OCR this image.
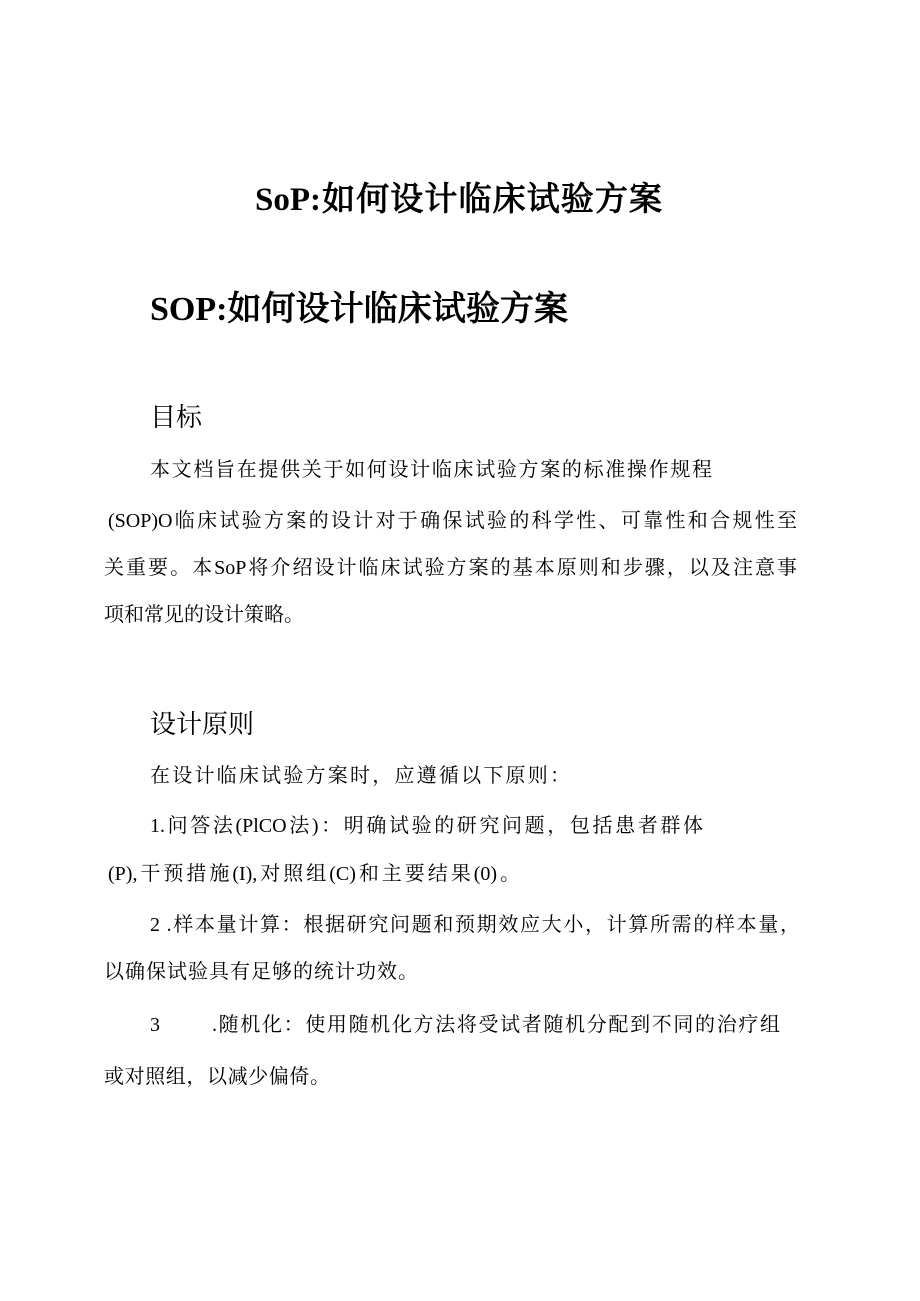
SoP:如何设计临床试验方案
SOP:如何设计临床试验方案
目标
本文档旨在提供关于如何设计临床试验方案的标准操作规程
(SOP)O临床试验方案的设计对于确保试验的科学性、可靠性和合规性至
关重要。本SoP将介绍设计临床试验方案的基本原则和步骤，以及注意事
项和常见的设计策略。
设计原则
在设计临床试验方案时，应遵循以下原则：
1.问答法(PlCO法)：明确试验的研究问题，包括患者群体
(P),干预措施(I),对照组(C)和主要结果(0)。
2 .样本量计算：根据研究问题和预期效应大小，计算所需的样本量，
以确保试验具有足够的统计功效。
3	.随机化：使用随机化方法将受试者随机分配到不同的治疗组
或对照组，以减少偏倚。
